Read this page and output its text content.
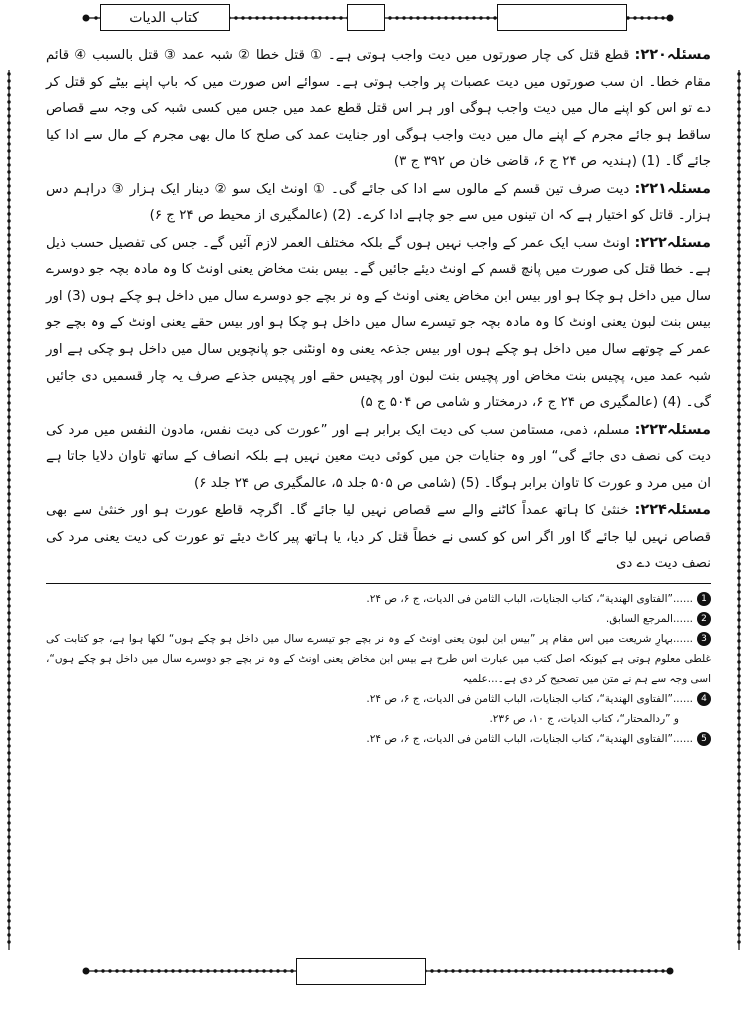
کتاب الدیات

مسئلہ۲۲۰: قطع قتل کی چار صورتوں میں دیت واجب ہوتی ہے۔ ① قتل خطا ② شبہ عمد ③ قتل بالسبب ④ قائم مقام خطا۔ ان سب صورتوں میں دیت عصبات پر واجب ہوتی ہے۔ سوائے اس صورت میں کہ باپ اپنے بیٹے کو قتل کر دے تو اس کو اپنے مال میں دیت واجب ہوگی اور ہر اس قتل قطع عمد میں جس میں کسی شبہ کی وجہ سے قصاص ساقط ہو جائے مجرم کے اپنے مال میں دیت واجب ہوگی اور جنایت عمد کی صلح کا مال بھی مجرم کے مال سے ادا کیا جائے گا۔ (1) (ہندیہ ص ۲۴ ج ۶، قاضی خان ص ۳۹۲ ج ۳)

مسئلہ۲۲۱: دیت صرف تین قسم کے مالوں سے ادا کی جائے گی۔ ① اونٹ ایک سو ② دینار ایک ہزار ③ دراہم دس ہزار۔ قاتل کو اختیار ہے کہ ان تینوں میں سے جو چاہے ادا کرے۔ (2) (عالمگیری از محیط ص ۲۴ ج ۶)

مسئلہ۲۲۲: اونٹ سب ایک عمر کے واجب نہیں ہوں گے بلکہ مختلف العمر لازم آئیں گے۔ جس کی تفصیل حسب ذیل ہے۔ خطا قتل کی صورت میں پانچ قسم کے اونٹ دیئے جائیں گے۔ بیس بنت مخاض یعنی اونٹ کا وہ مادہ بچہ جو دوسرے سال میں داخل ہو چکا ہو اور بیس ابن مخاض یعنی اونٹ کے وہ نر بچے جو دوسرے سال میں داخل ہو چکے ہوں (3) اور بیس بنت لبون یعنی اونٹ کا وہ مادہ بچہ جو تیسرے سال میں داخل ہو چکا ہو اور بیس حقے یعنی اونٹ کے وہ بچے جو عمر کے چوتھے سال میں داخل ہو چکے ہوں اور بیس جذعہ یعنی وہ اونٹنی جو پانچویں سال میں داخل ہو چکی ہے اور شبہ عمد میں، پچیس بنت مخاض اور پچیس بنت لبون اور پچیس حقے اور پچیس جذعے صرف یہ چار قسمیں دی جائیں گی۔ (4) (عالمگیری ص ۲۴ ج ۶، درمختار و شامی ص ۵۰۴ ج ۵)

مسئلہ۲۲۳: مسلم، ذمی، مستامن سب کی دیت ایک برابر ہے اور ”عورت کی دیت نفس، مادون النفس میں مرد کی دیت کی نصف دی جائے گی“ اور وہ جنایات جن میں کوئی دیت معین نہیں ہے بلکہ انصاف کے ساتھ تاوان دلایا جاتا ہے ان میں مرد و عورت کا تاوان برابر ہوگا۔ (5) (شامی ص ۵۰۵ جلد ۵، عالمگیری ص ۲۴ جلد ۶)

مسئلہ۲۲۴: خنثیٰ کا ہاتھ عمداً کاٹنے والے سے قصاص نہیں لیا جائے گا۔ اگرچہ قاطع عورت ہو اور خنثیٰ سے بھی قصاص نہیں لیا جائے گا اور اگر اس کو کسی نے خطاً قتل کر دیا، یا ہاتھ پیر کاٹ دیئے تو عورت کی دیت یعنی مرد کی نصف دیت دے دی

1......”الفتاوی الهندیة“، کتاب الجنایات، الباب الثامن فی الدیات، ج ۶، ص ۲۴.

2......المرجع السابق.

3......بہارِ شریعت میں اس مقام پر ”بیس ابن لبون یعنی اونٹ کے وہ نر بچے جو تیسرے سال میں داخل ہو چکے ہوں“ لکھا ہوا ہے، جو کتابت کی غلطی معلوم ہوتی ہے کیونکہ اصل کتب میں عبارت اس طرح ہے بیس ابن مخاض یعنی اونٹ کے وہ نر بچے جو دوسرے سال میں داخل ہو چکے ہوں“، اسی وجہ سے ہم نے متن میں تصحیح کر دی ہے۔...علمیہ

4......”الفتاوی الهندیة“، کتاب الجنایات، الباب الثامن فی الدیات، ج ۶، ص ۲۴.
و ”ردالمحتار“، کتاب الدیات، ج ۱۰، ص ۲۳۶.

5......”الفتاوی الهندیة“، کتاب الجنایات، الباب الثامن فی الدیات، ج ۶، ص ۲۴.
